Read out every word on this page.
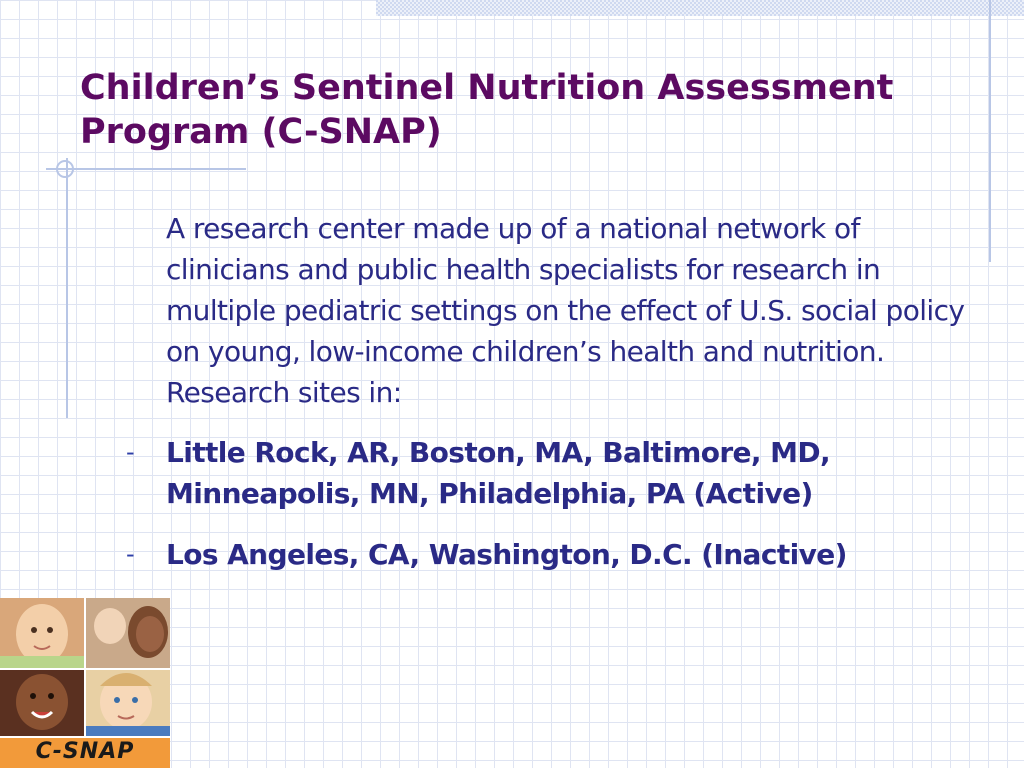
Children’s Sentinel Nutrition Assessment Program (C-SNAP)

A research center made up of a national network of clinicians and public health specialists for research in multiple pediatric settings on the effect of U.S. social policy on young, low-income children’s health and nutrition. Research sites in:

- Little Rock, AR, Boston, MA, Baltimore, MD, Minneapolis, MN, Philadelphia, PA (Active)
- Los Angeles, CA, Washington, D.C. (Inactive)
C-SNAP
